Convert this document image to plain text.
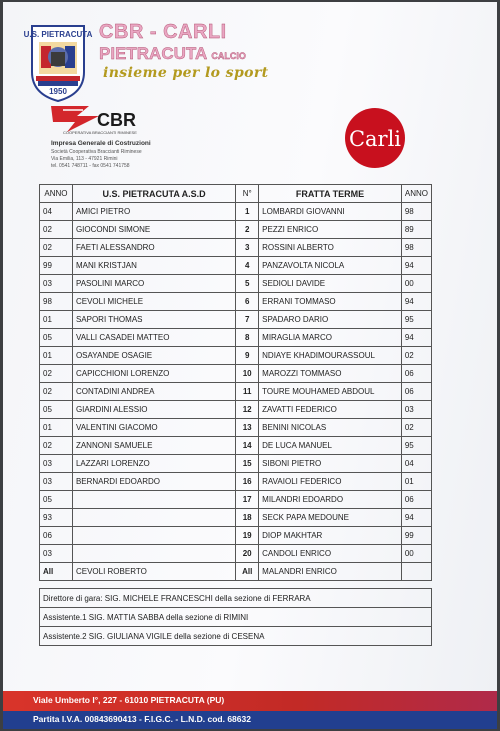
U.S. PIETRACUTA
1950
CBR - CARLI
PIETRACUTA CALCIO
insieme per lo sport
CBR
COOPERATIVA BRACCIANTI RIMINESE
Impresa Generale di Costruzioni
Società Cooperativa Braccianti Riminese
Via Emilia, 113 - 47921 Rimini
tel. 0541 748711 - fax 0541 741758
Carli
ANNO	U.S. PIETRACUTA A.S.D	N°	FRATTA TERME	ANNO
04	AMICI PIETRO	1	LOMBARDI GIOVANNI	98
02	GIOCONDI SIMONE	2	PEZZI ENRICO	89
02	FAETI ALESSANDRO	3	ROSSINI ALBERTO	98
99	MANI KRISTJAN	4	PANZAVOLTA NICOLA	94
03	PASOLINI MARCO	5	SEDIOLI DAVIDE	00
98	CEVOLI MICHELE	6	ERRANI TOMMASO	94
01	SAPORI THOMAS	7	SPADARO DARIO	95
05	VALLI CASADEI MATTEO	8	MIRAGLIA MARCO	94
01	OSAYANDE OSAGIE	9	NDIAYE KHADIMOURASSOUL	02
02	CAPICCHIONI LORENZO	10	MAROZZI TOMMASO	06
02	CONTADINI ANDREA	11	TOURE MOUHAMED ABDOUL	06
05	GIARDINI ALESSIO	12	ZAVATTI FEDERICO	03
01	VALENTINI GIACOMO	13	BENINI NICOLAS	02
02	ZANNONI SAMUELE	14	DE LUCA MANUEL	95
03	LAZZARI LORENZO	15	SIBONI PIETRO	04
03	BERNARDI EDOARDO	16	RAVAIOLI FEDERICO	01
05		17	MILANDRI EDOARDO	06
93		18	SECK PAPA MEDOUNE	94
06		19	DIOP MAKHTAR	99
03		20	CANDOLI ENRICO	00
All	CEVOLI ROBERTO	All	MALANDRI ENRICO	
Direttore di gara: SIG. MICHELE FRANCESCHI della sezione di FERRARA
Assistente.1 SIG. MATTIA SABBA della sezione di RIMINI
Assistente.2 SIG. GIULIANA VIGILE della sezione di CESENA
Viale Umberto I°, 227 - 61010 PIETRACUTA (PU)
Partita I.V.A. 00843690413 - F.I.G.C. - L.N.D. cod. 68632
